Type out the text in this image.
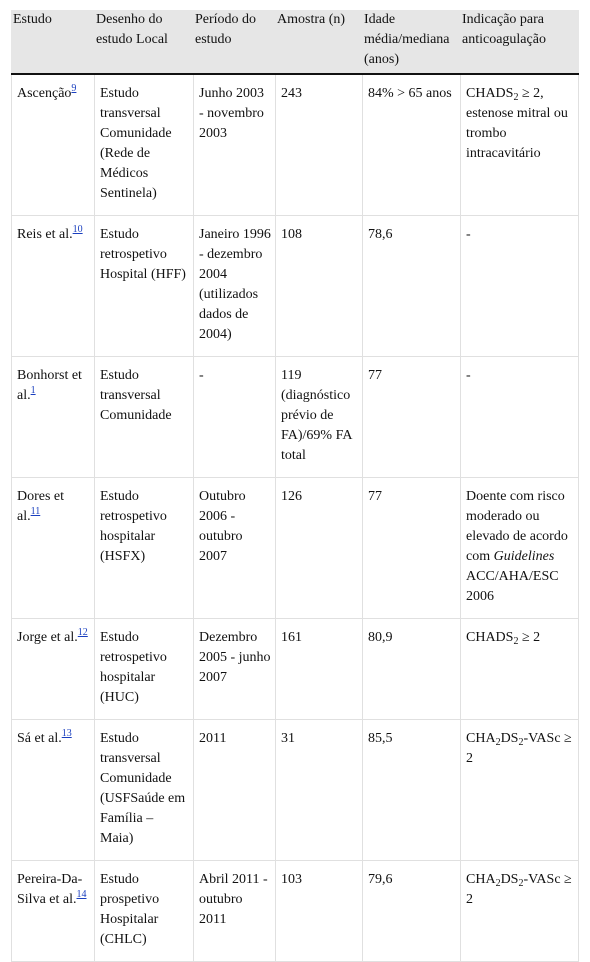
Estudo	Desenho do estudo Local	Período do estudo	Amostra (n)	Idade média/mediana (anos)	Indicação para anticoagulação
Ascenção$^9$	Estudo transversal Comunidade (Rede de Médicos Sentinela)	Junho 2003 - novembro 2003	243	84% > 65 anos	$CHADS_2 \ge 2$, estenose mitral ou trombo intracavitário
Reis et al.$^{10}$	Estudo retrospetivo Hospital (HFF)	Janeiro 1996 - dezembro 2004 (utilizados dados de 2004)	108	78,6	-
Bonhorst et al.$^1$	Estudo transversal Comunidade	-	119 (diagnóstico prévio de FA)/69% FA total	77	-
Dores et al.$^{11}$	Estudo retrospetivo hospitalar (HSFX)	Outubro 2006 - outubro 2007	126	77	Doente com risco moderado ou elevado de acordo com Guidelines ACC/AHA/ESC 2006
Jorge et al.$^{12}$	Estudo retrospetivo hospitalar (HUC)	Dezembro 2005 - junho 2007	161	80,9	$CHADS_2 \ge 2$
Sá et al.$^{13}$	Estudo transversal Comunidade (USFSaúde em Família – Maia)	2011	31	85,5	$CHA_2DS_2$-VASc ≥ 2
Pereira-Da-Silva et al.$^{14}$	Estudo prospetivo Hospitalar (CHLC)	Abril 2011 - outubro 2011	103	79,6	$CHA_2DS_2$-VASc ≥ 2
